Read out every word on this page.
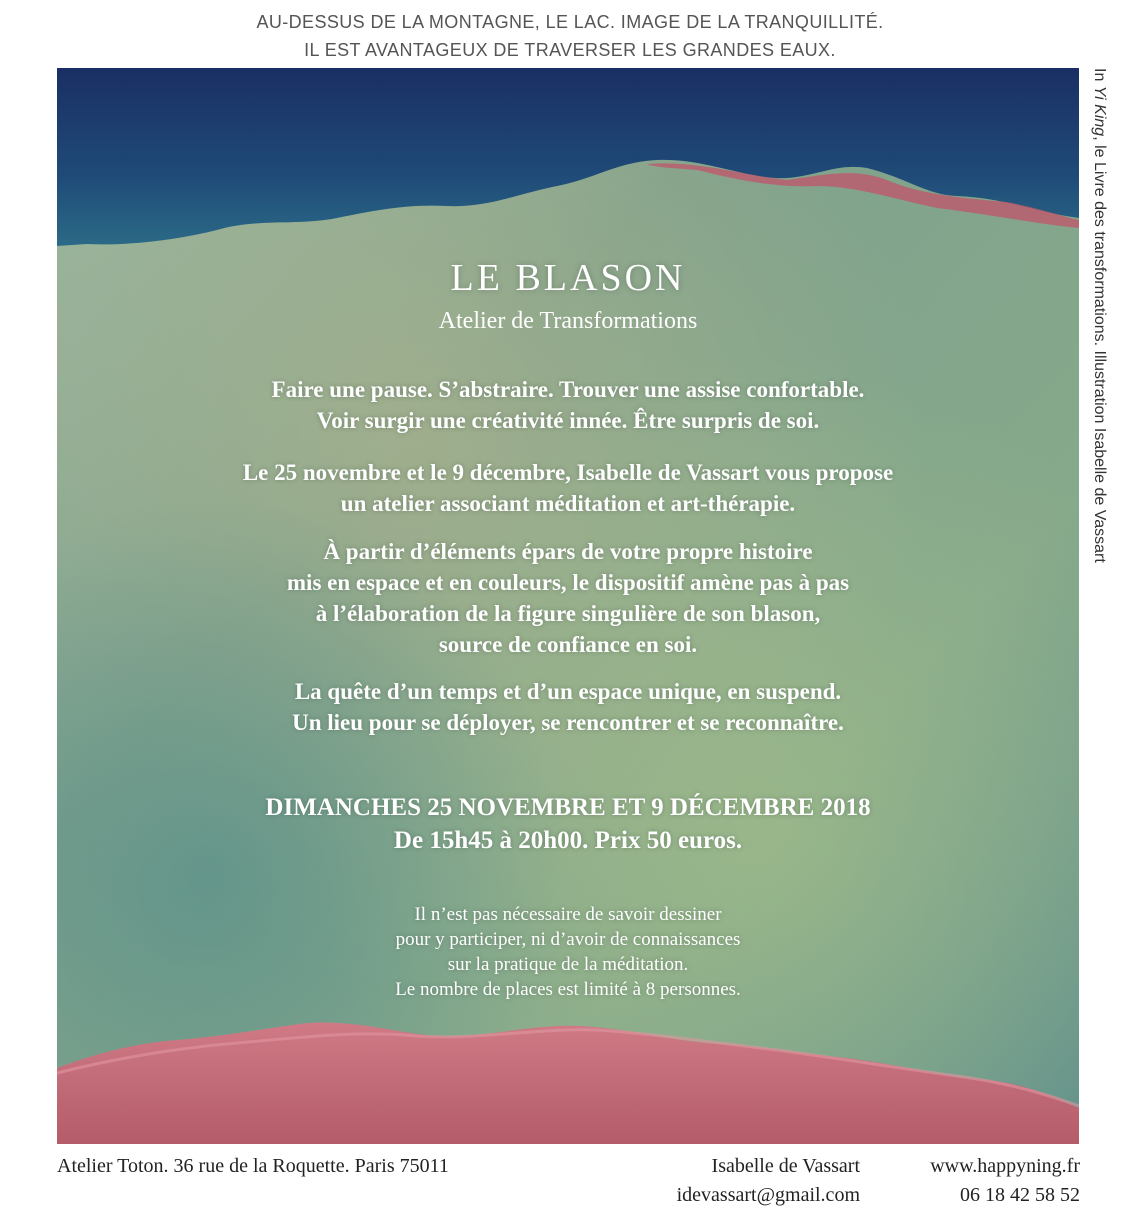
AU-DESSUS DE LA MONTAGNE, LE LAC. IMAGE DE LA TRANQUILLITÉ.
IL EST AVANTAGEUX DE TRAVERSER LES GRANDES EAUX.
LE BLASON
Atelier de Transformations
Faire une pause. S’abstraire. Trouver une assise confortable.
Voir surgir une créativité innée. Être surpris de soi.
Le 25 novembre et le 9 décembre, Isabelle de Vassart vous propose
un atelier associant méditation et art-thérapie.
À partir d’éléments épars de votre propre histoire
mis en espace et en couleurs, le dispositif amène pas à pas
à l’élaboration de la figure singulière de son blason,
source de confiance en soi.
La quête d’un temps et d’un espace unique, en suspend.
Un lieu pour se déployer, se rencontrer et se reconnaître.
DIMANCHES 25 NOVEMBRE ET 9 DÉCEMBRE 2018
De 15h45 à 20h00. Prix 50 euros.
Il n’est pas nécessaire de savoir dessiner
pour y participer, ni d’avoir de connaissances
sur la pratique de la méditation.
Le nombre de places est limité à 8 personnes.
In Yi King, le Livre des transformations. Illustration Isabelle de Vassart
Atelier Toton. 36 rue de la Roquette. Paris 75011	Isabelle de Vassart
idevassart@gmail.com
www.happyning.fr
06 18 42 58 52
